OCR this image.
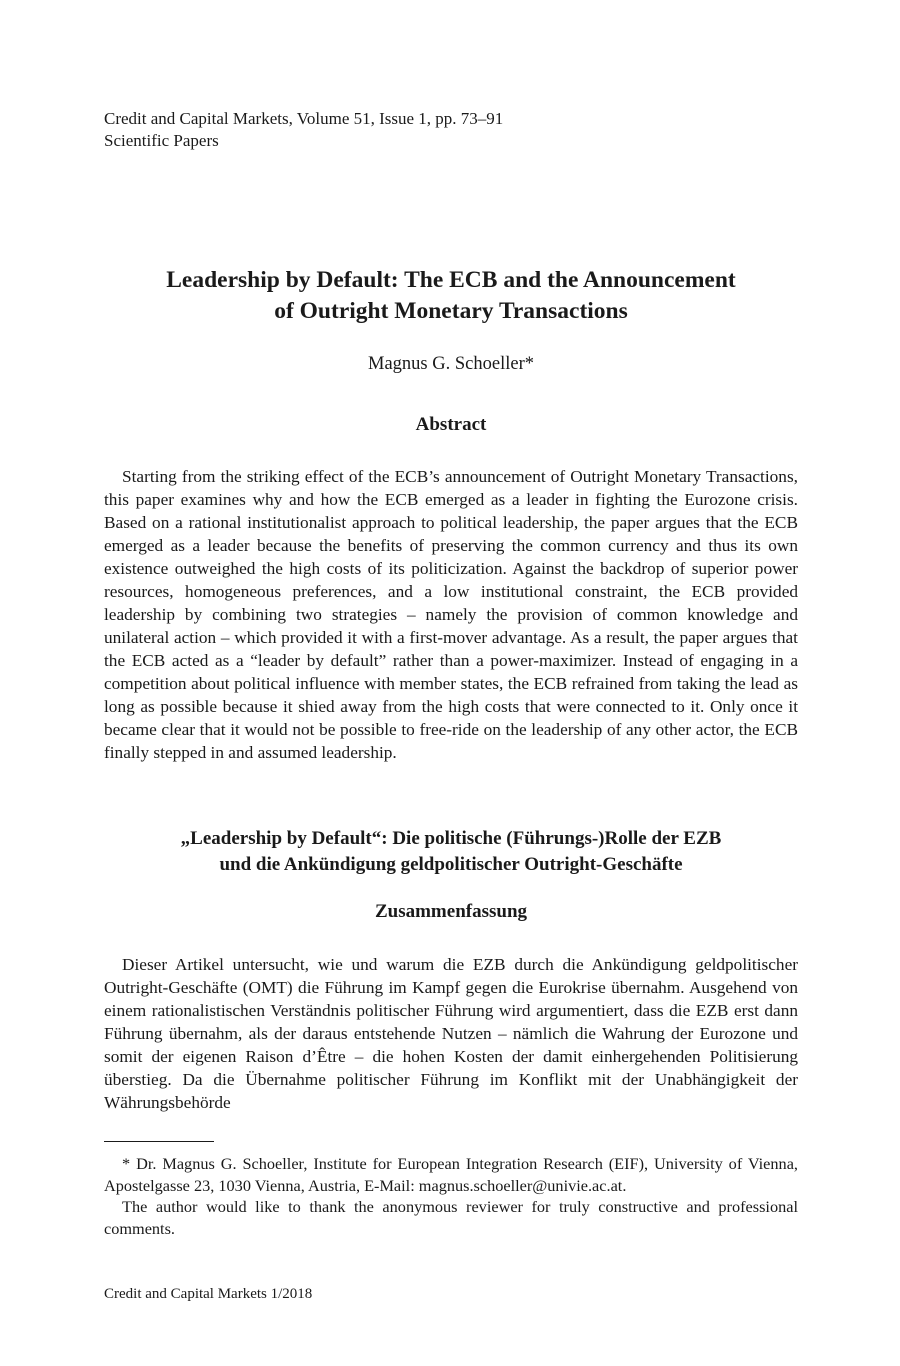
Credit and Capital Markets, Volume 51, Issue 1, pp. 73–91
Scientific Papers
Leadership by Default: The ECB and the Announcement
of Outright Monetary Transactions
Magnus G. Schoeller*
Abstract

Starting from the striking effect of the ECB’s announcement of Outright Monetary Transactions, this paper examines why and how the ECB emerged as a leader in fighting the Eurozone crisis. Based on a rational institutionalist approach to political leadership, the paper argues that the ECB emerged as a leader because the benefits of preserving the common currency and thus its own existence outweighed the high costs of its politicization. Against the backdrop of superior power resources, homogeneous preferences, and a low institutional constraint, the ECB provided leadership by combining two strategies – namely the provision of common knowledge and unilateral action – which provided it with a first-mover advantage. As a result, the paper argues that the ECB acted as a “leader by default” rather than a power-maximizer. Instead of engaging in a competition about political influence with member states, the ECB refrained from taking the lead as long as possible because it shied away from the high costs that were connected to it. Only once it became clear that it would not be possible to free-ride on the leadership of any other actor, the ECB finally stepped in and assumed leadership.

„Leadership by Default“: Die politische (Führungs-)Rolle der EZB
und die Ankündigung geldpolitischer Outright-Geschäfte
Zusammenfassung

Dieser Artikel untersucht, wie und warum die EZB durch die Ankündigung geldpolitischer Outright-Geschäfte (OMT) die Führung im Kampf gegen die Eurokrise übernahm. Ausgehend von einem rationalistischen Verständnis politischer Führung wird argumentiert, dass die EZB erst dann Führung übernahm, als der daraus entstehende Nutzen – nämlich die Wahrung der Eurozone und somit der eigenen Raison d’Être – die hohen Kosten der damit einhergehenden Politisierung überstieg. Da die Übernahme politischer Führung im Konflikt mit der Unabhängigkeit der Währungsbehörde

* Dr. Magnus G. Schoeller, Institute for European Integration Research (EIF), University of Vienna, Apostelgasse 23, 1030 Vienna, Austria, E-Mail: magnus.schoeller@univie.ac.at.

The author would like to thank the anonymous reviewer for truly constructive and professional comments.

Credit and Capital Markets 1/2018
